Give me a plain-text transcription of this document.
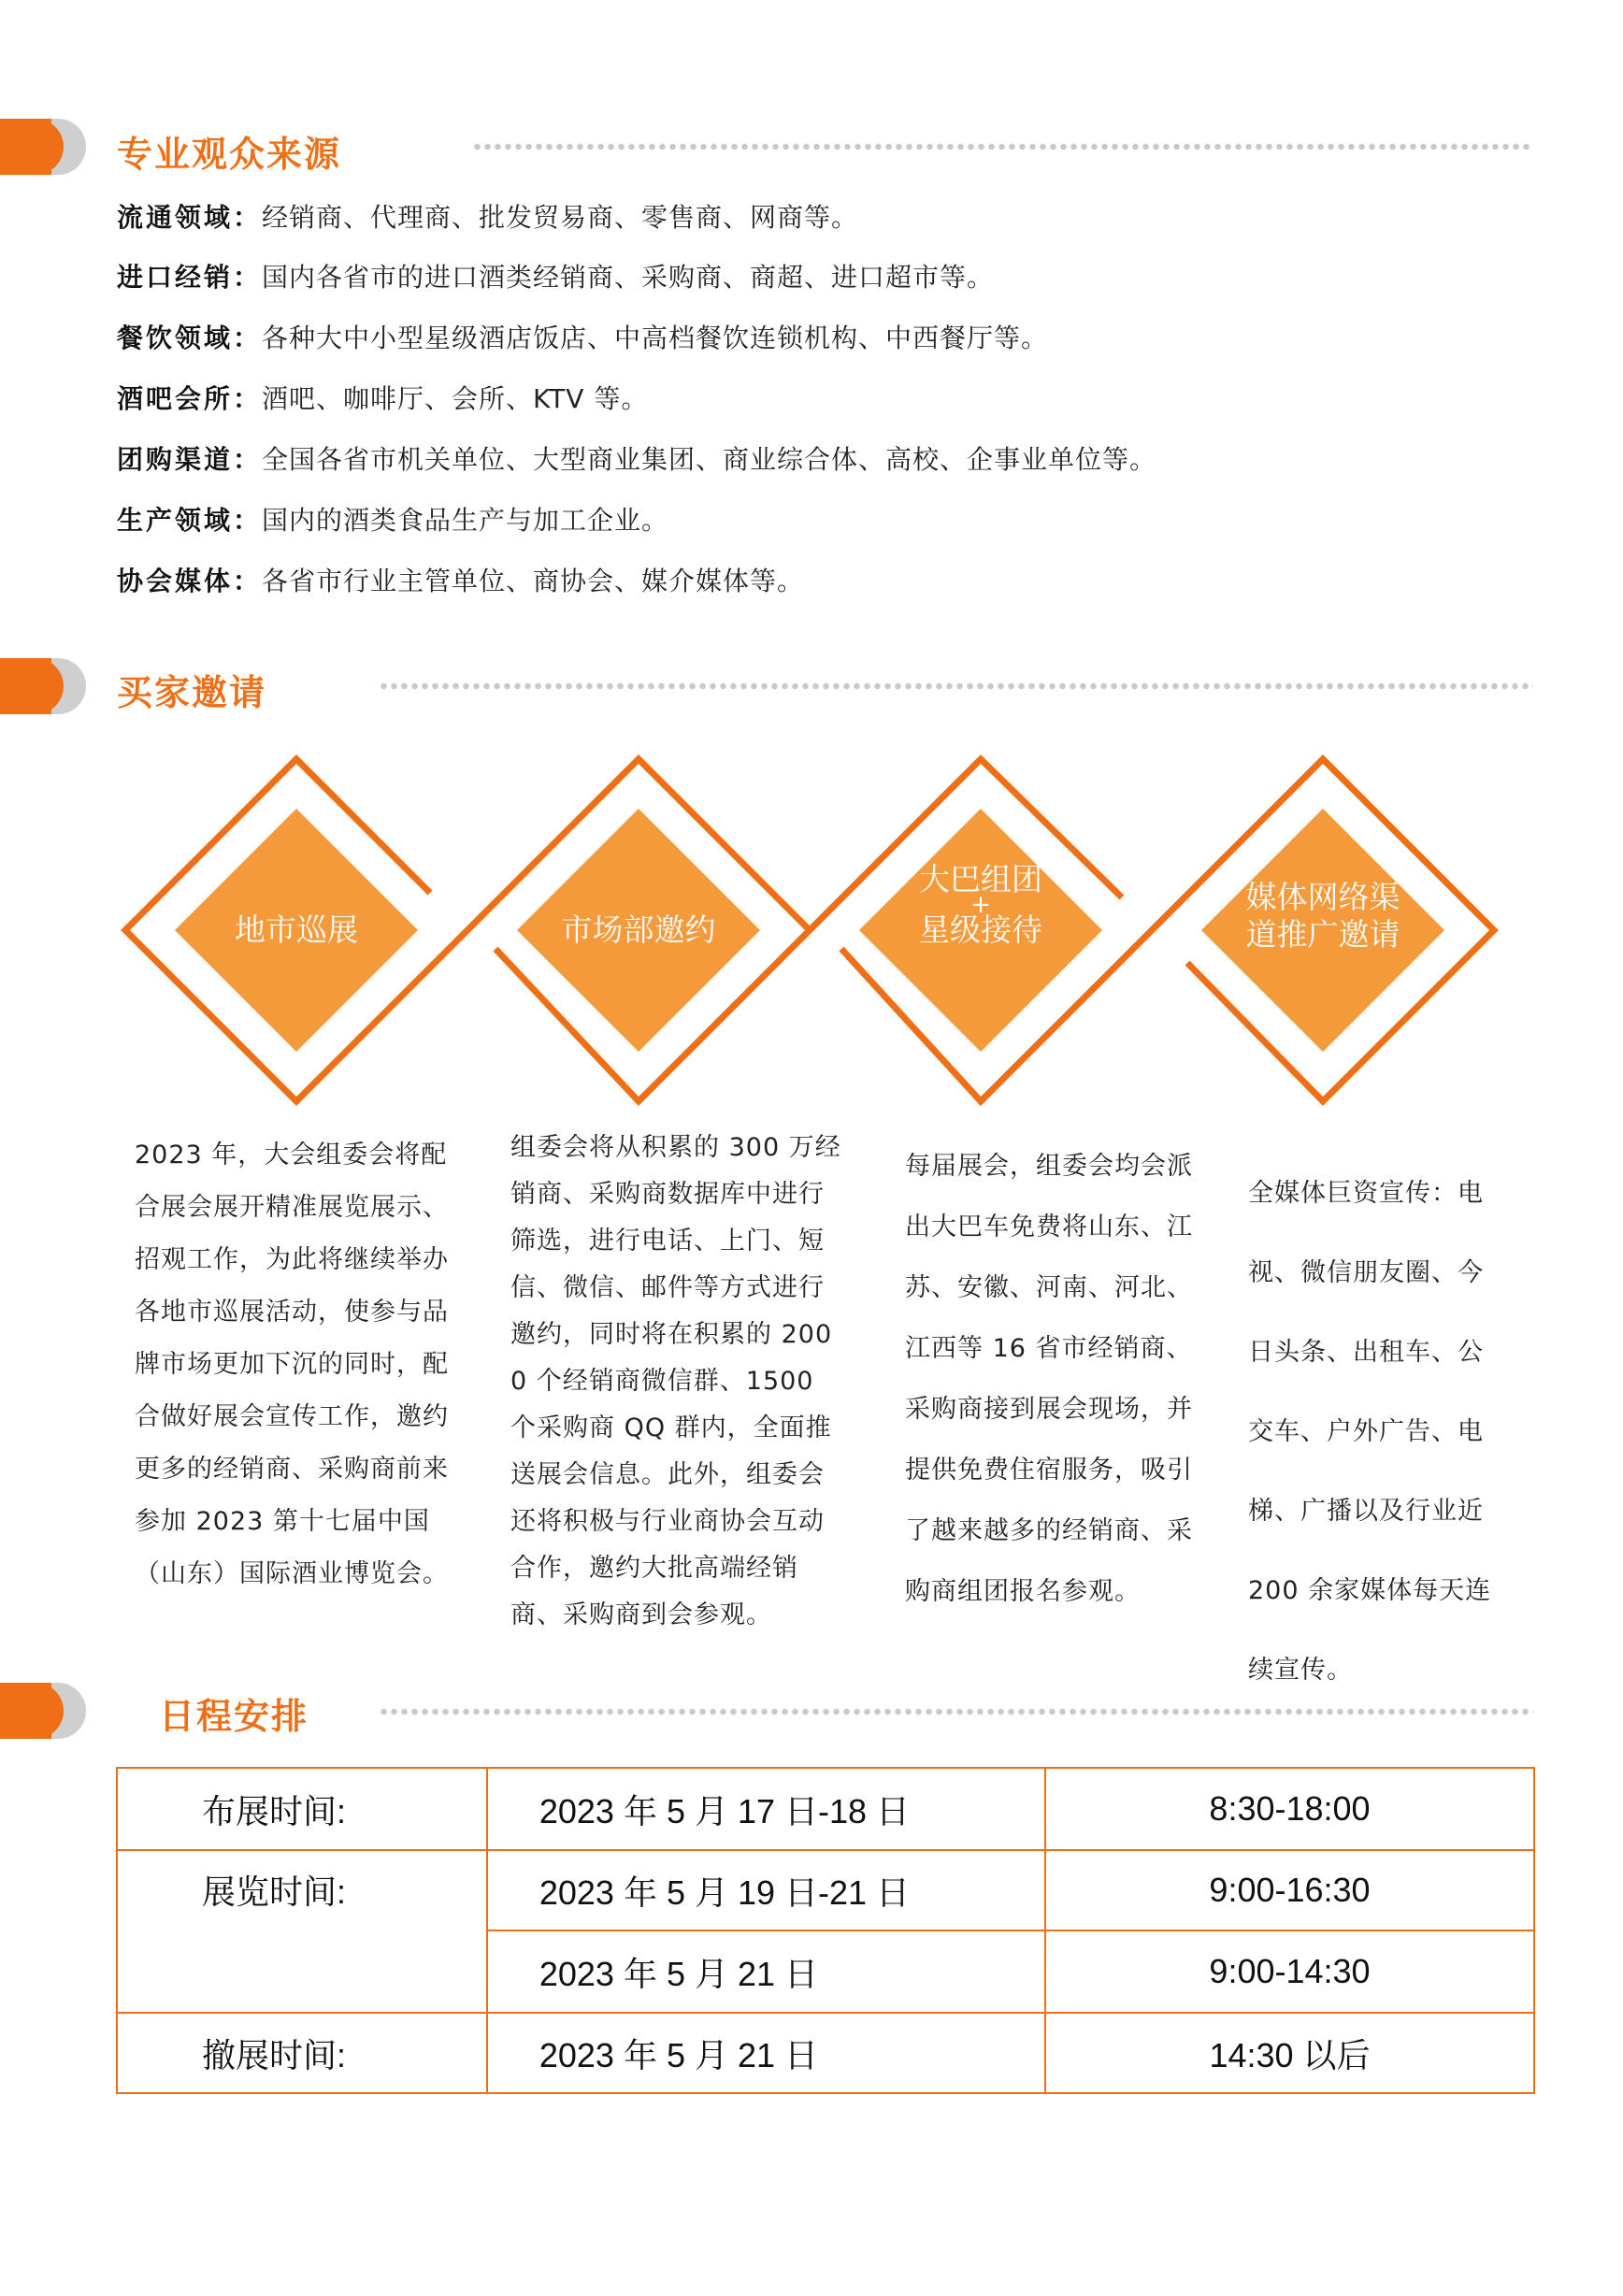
专业观众来源
流通领域：经销商、代理商、批发贸易商、零售商、网商等。
进口经销：国内各省市的进口酒类经销商、采购商、商超、进口超市等。
餐饮领域：各种大中小型星级酒店饭店、中高档餐饮连锁机构、中西餐厅等。
酒吧会所：酒吧、咖啡厅、会所、KTV 等。
团购渠道：全国各省市机关单位、大型商业集团、商业综合体、高校、企事业单位等。
生产领域：国内的酒类食品生产与加工企业。
协会媒体：各省市行业主管单位、商协会、媒介媒体等。
买家邀请
地市巡展	市场部邀约
大巴组团
+
星级接待
媒体网络渠
道推广邀请
2023 年，大会组委会将配合展会展开精准展览展示、招观工作，为此将继续举办各地市巡展活动，使参与品牌市场更加下沉的同时，配合做好展会宣传工作，邀约更多的经销商、采购商前来参加 2023 第十七届中国（山东）国际酒业博览会。
组委会将从积累的 300 万经销商、采购商数据库中进行筛选，进行电话、上门、短信、微信、邮件等方式进行邀约，同时将在积累的 2000 个经销商微信群、1500 个采购商 QQ 群内，全面推送展会信息。此外，组委会还将积极与行业商协会互动合作，邀约大批高端经销商、采购商到会参观。
每届展会，组委会均会派出大巴车免费将山东、江苏、安徽、河南、河北、江西等 16 省市经销商、采购商接到展会现场，并提供免费住宿服务，吸引了越来越多的经销商、采购商组团报名参观。
全媒体巨资宣传：电视、微信朋友圈、今日头条、出租车、公交车、户外广告、电梯、广播以及行业近 200 余家媒体每天连续宣传。
日程安排
布展时间:	2023 年 5 月 17 日-18 日	8:30-18:00
展览时间:	2023 年 5 月 19 日-21 日	9:00-16:30
	2023 年 5 月 21 日	9:00-14:30
撤展时间:	2023 年 5 月 21 日	14:30 以后
